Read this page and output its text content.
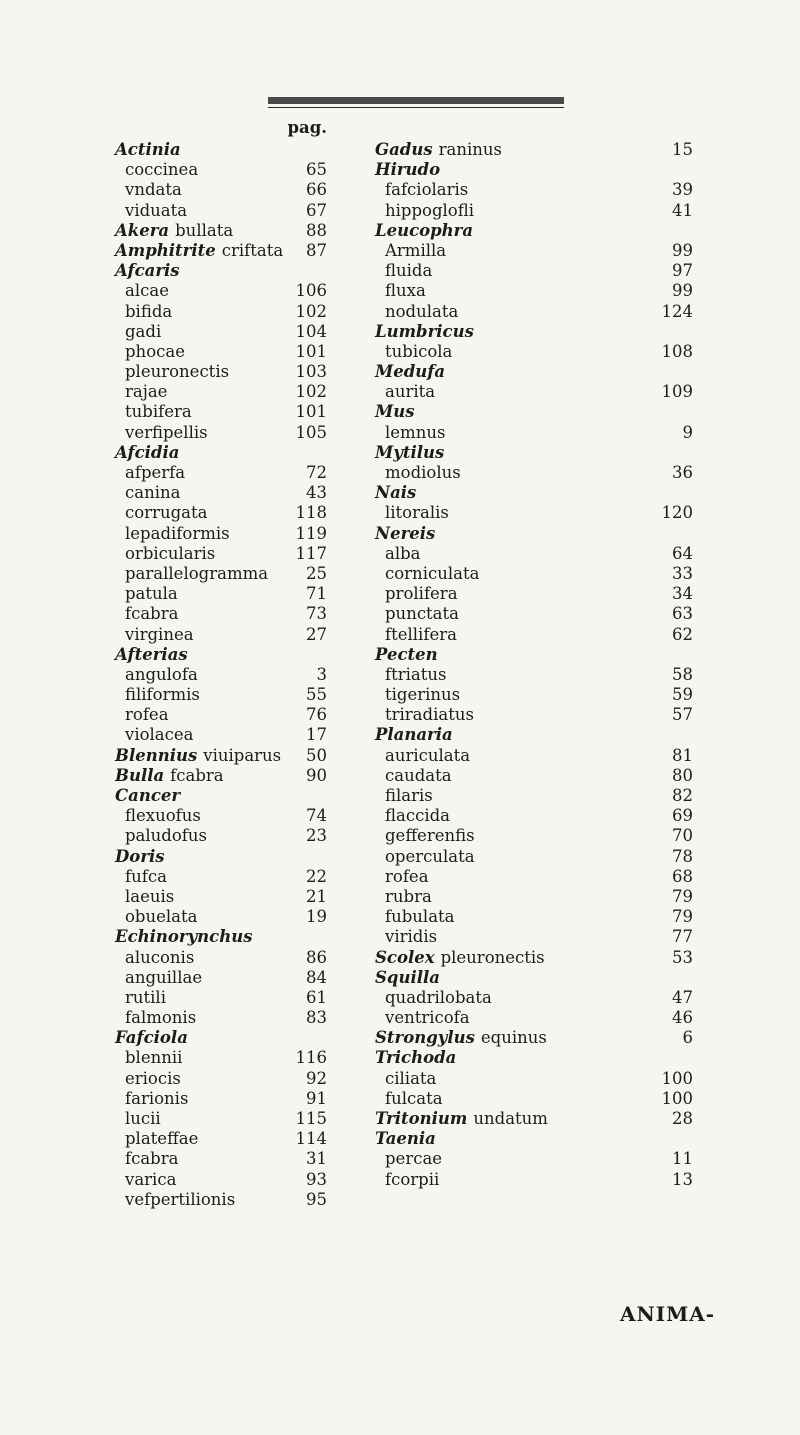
pag.
Actinia
coccinea	65
vndata	66
viduata	67
Akera bullata	88
Amphitrite criftata	87
Afcaris
alcae	106
bifida	102
gadi	104
phocae	101
pleuronectis	103
rajae	102
tubifera	101
verfipellis	105
Afcidia
afperfa	72
canina	43
corrugata	118
lepadiformis	119
orbicularis	117
parallelogramma	25
patula	71
fcabra	73
virginea	27
Afterias
angulofa	3
filiformis	55
rofea	76
violacea	17
Blennius viuiparus	50
Bulla fcabra	90
Cancer
flexuofus	74
paludofus	23
Doris
fufca	22
laeuis	21
obuelata	19
Echinorynchus
aluconis	86
anguillae	84
rutili	61
falmonis	83
Fafciola
blennii	116
eriocis	92
farionis	91
lucii	115
plateffae	114
fcabra	31
varica	93
vefpertilionis	95
Gadus raninus	15
Hirudo
fafciolaris	39
hippoglofli	41
Leucophra
Armilla	99
fluida	97
fluxa	99
nodulata	124
Lumbricus
tubicola	108
Medufa
aurita	109
Mus
lemnus	9
Mytilus
modiolus	36
Nais
litoralis	120
Nereis
alba	64
corniculata	33
prolifera	34
punctata	63
ftellifera	62
Pecten
ftriatus	58
tigerinus	59
triradiatus	57
Planaria
auriculata	81
caudata	80
filaris	82
flaccida	69
gefferenfis	70
operculata	78
rofea	68
rubra	79
fubulata	79
viridis	77
Scolex pleuronectis	53
Squilla
quadrilobata	47
ventricofa	46
Strongylus equinus	6
Trichoda
ciliata	100
fulcata	100
Tritonium undatum	28
Taenia
percae	11
fcorpii	13
ANIMA-
